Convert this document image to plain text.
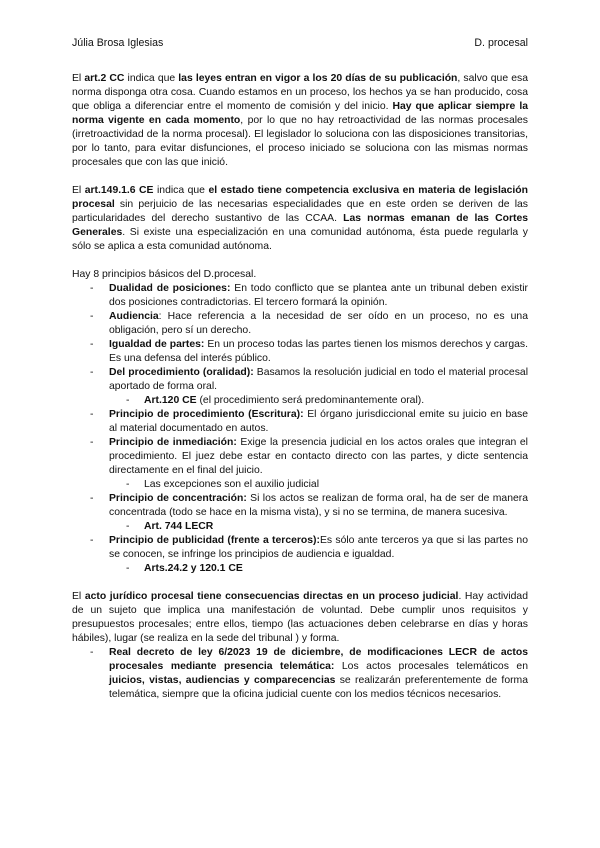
Júlia Brosa Iglesias	D. procesal

El art.2 CC indica que las leyes entran en vigor a los 20 días de su publicación, salvo que esa norma disponga otra cosa. Cuando estamos en un proceso, los hechos ya se han producido, cosa que obliga a diferenciar entre el momento de comisión y del inicio. Hay que aplicar siempre la norma vigente en cada momento, por lo que no hay retroactividad de las normas procesales (irretroactividad de la norma procesal). El legislador lo soluciona con las disposiciones transitorias, por lo tanto, para evitar disfunciones, el proceso iniciado se soluciona con las mismas normas procesales que con las que inició.

El art.149.1.6 CE indica que el estado tiene competencia exclusiva en materia de legislación procesal sin perjuicio de las necesarias especialidades que en este orden se deriven de las particularidades del derecho sustantivo de las CCAA. Las normas emanan de las Cortes Generales. Si existe una especialización en una comunidad autónoma, ésta puede regularla y sólo se aplica a esta comunidad autónoma.

Hay 8 principios básicos del D.procesal.

- Dualidad de posiciones: En todo conflicto que se plantea ante un tribunal deben existir dos posiciones contradictorias. El tercero formará la opinión.
- Audiencia: Hace referencia a la necesidad de ser oído en un proceso, no es una obligación, pero sí un derecho.
- Igualdad de partes: En un proceso todas las partes tienen los mismos derechos y cargas. Es una defensa del interés público.
- Del procedimiento (oralidad): Basamos la resolución judicial en todo el material procesal aportado de forma oral.
- Art.120 CE (el procedimiento será predominantemente oral).
- Principio de procedimiento (Escritura): El órgano jurisdiccional emite su juicio en base al material documentado en autos.
- Principio de inmediación: Exige la presencia judicial en los actos orales que integran el procedimiento. El juez debe estar en contacto directo con las partes, y dicte sentencia directamente en el final del juicio.
- Las excepciones son el auxilio judicial
- Principio de concentración: Si los actos se realizan de forma oral, ha de ser de manera concentrada (todo se hace en la misma vista), y si no se termina, de manera sucesiva.
- Art. 744 LECR
- Principio de publicidad (frente a terceros):Es sólo ante terceros ya que si las partes no se conocen, se infringe los principios de audiencia e igualdad.
- Arts.24.2 y 120.1 CE

El acto jurídico procesal tiene consecuencias directas en un proceso judicial. Hay actividad de un sujeto que implica una manifestación de voluntad. Debe cumplir unos requisitos y presupuestos procesales; entre ellos, tiempo (las actuaciones deben celebrarse en días y horas hábiles), lugar (se realiza en la sede del tribunal ) y forma.

- Real decreto de ley 6/2023 19 de diciembre, de modificaciones LECR de actos procesales mediante presencia telemática: Los actos procesales telemáticos en juicios, vistas, audiencias y comparecencias se realizarán preferentemente de forma telemática, siempre que la oficina judicial cuente con los medios técnicos necesarios.
